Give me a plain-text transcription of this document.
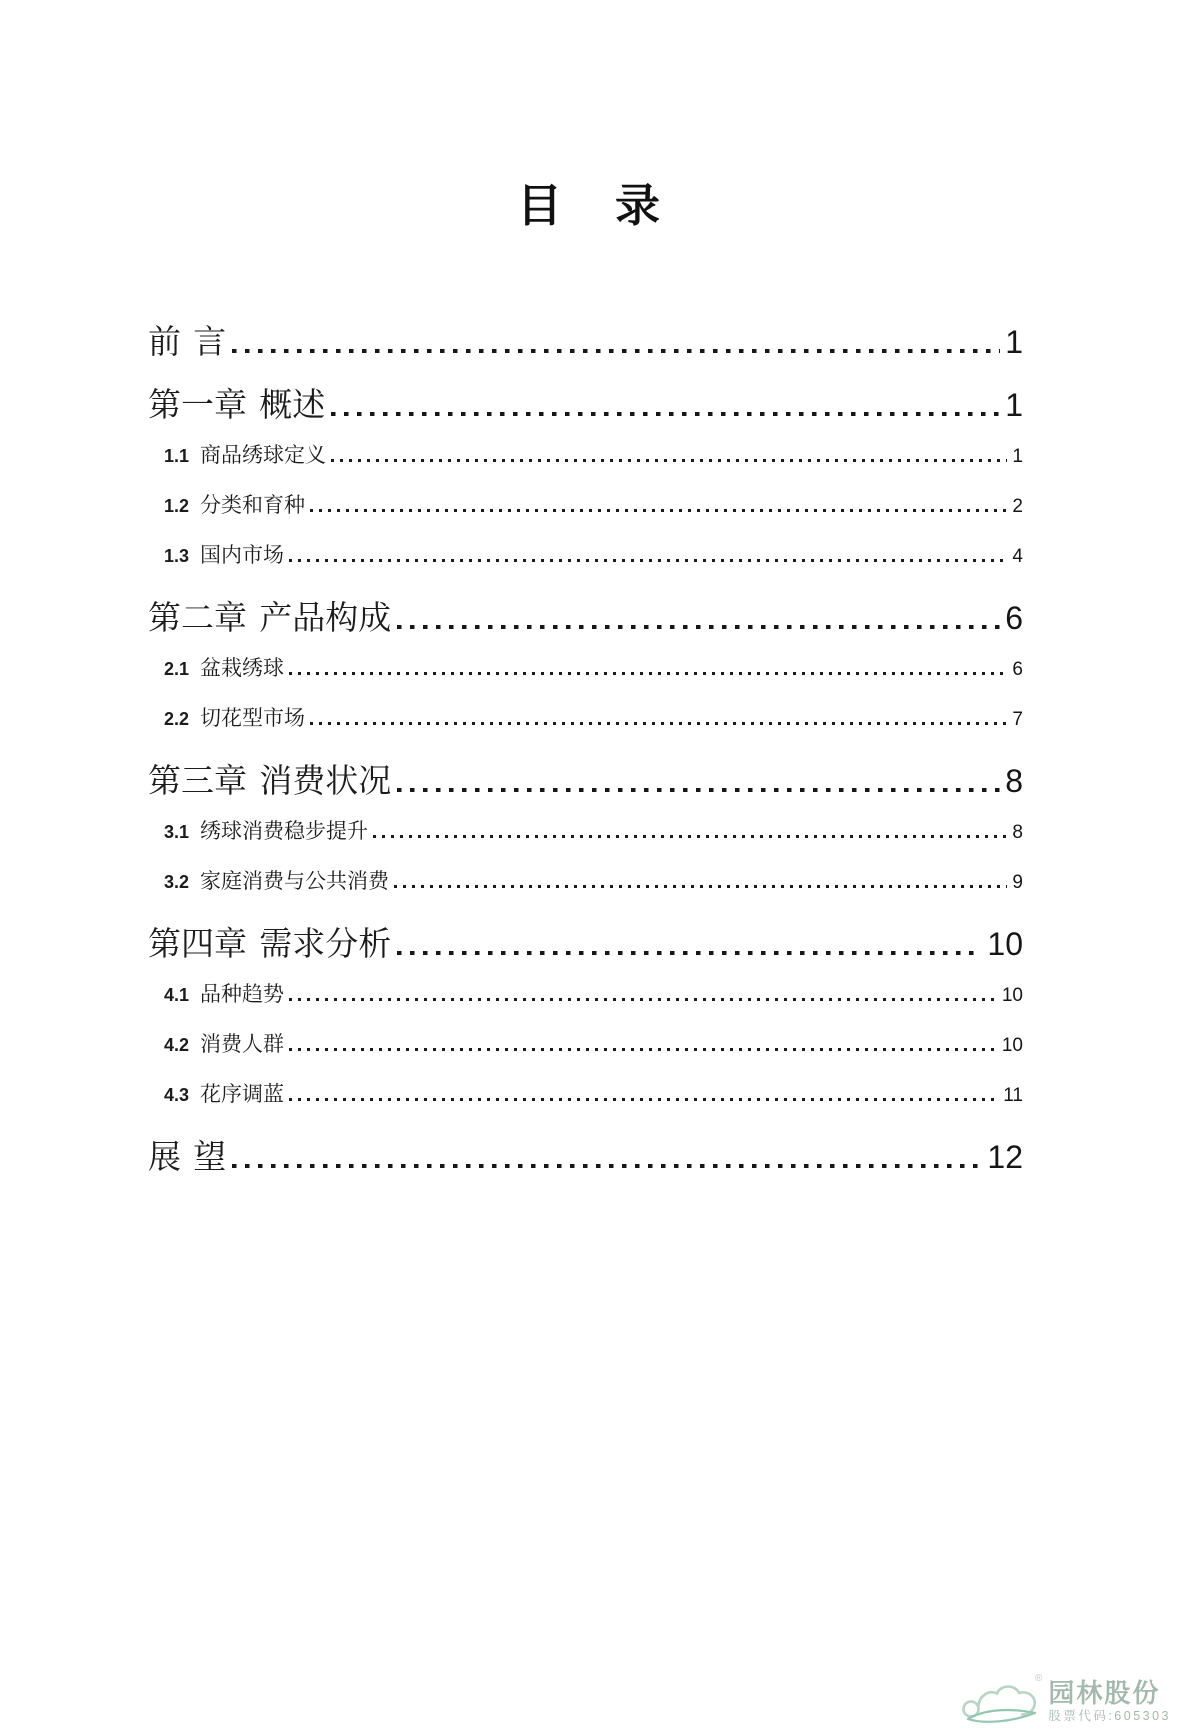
目　录
前 言	1
第一章 概述	1
1.1 商品绣球定义	1
1.2 分类和育种	2
1.3 国内市场	4
第二章 产品构成	6
2.1 盆栽绣球	6
2.2 切花型市场	7
第三章 消费状况	8
3.1 绣球消费稳步提升	8
3.2 家庭消费与公共消费	9
第四章 需求分析	10
4.1 品种趋势	10
4.2 消费人群	10
4.3 花序调蓝	11
展 望	12
® 园林股份
股票代码:605303
